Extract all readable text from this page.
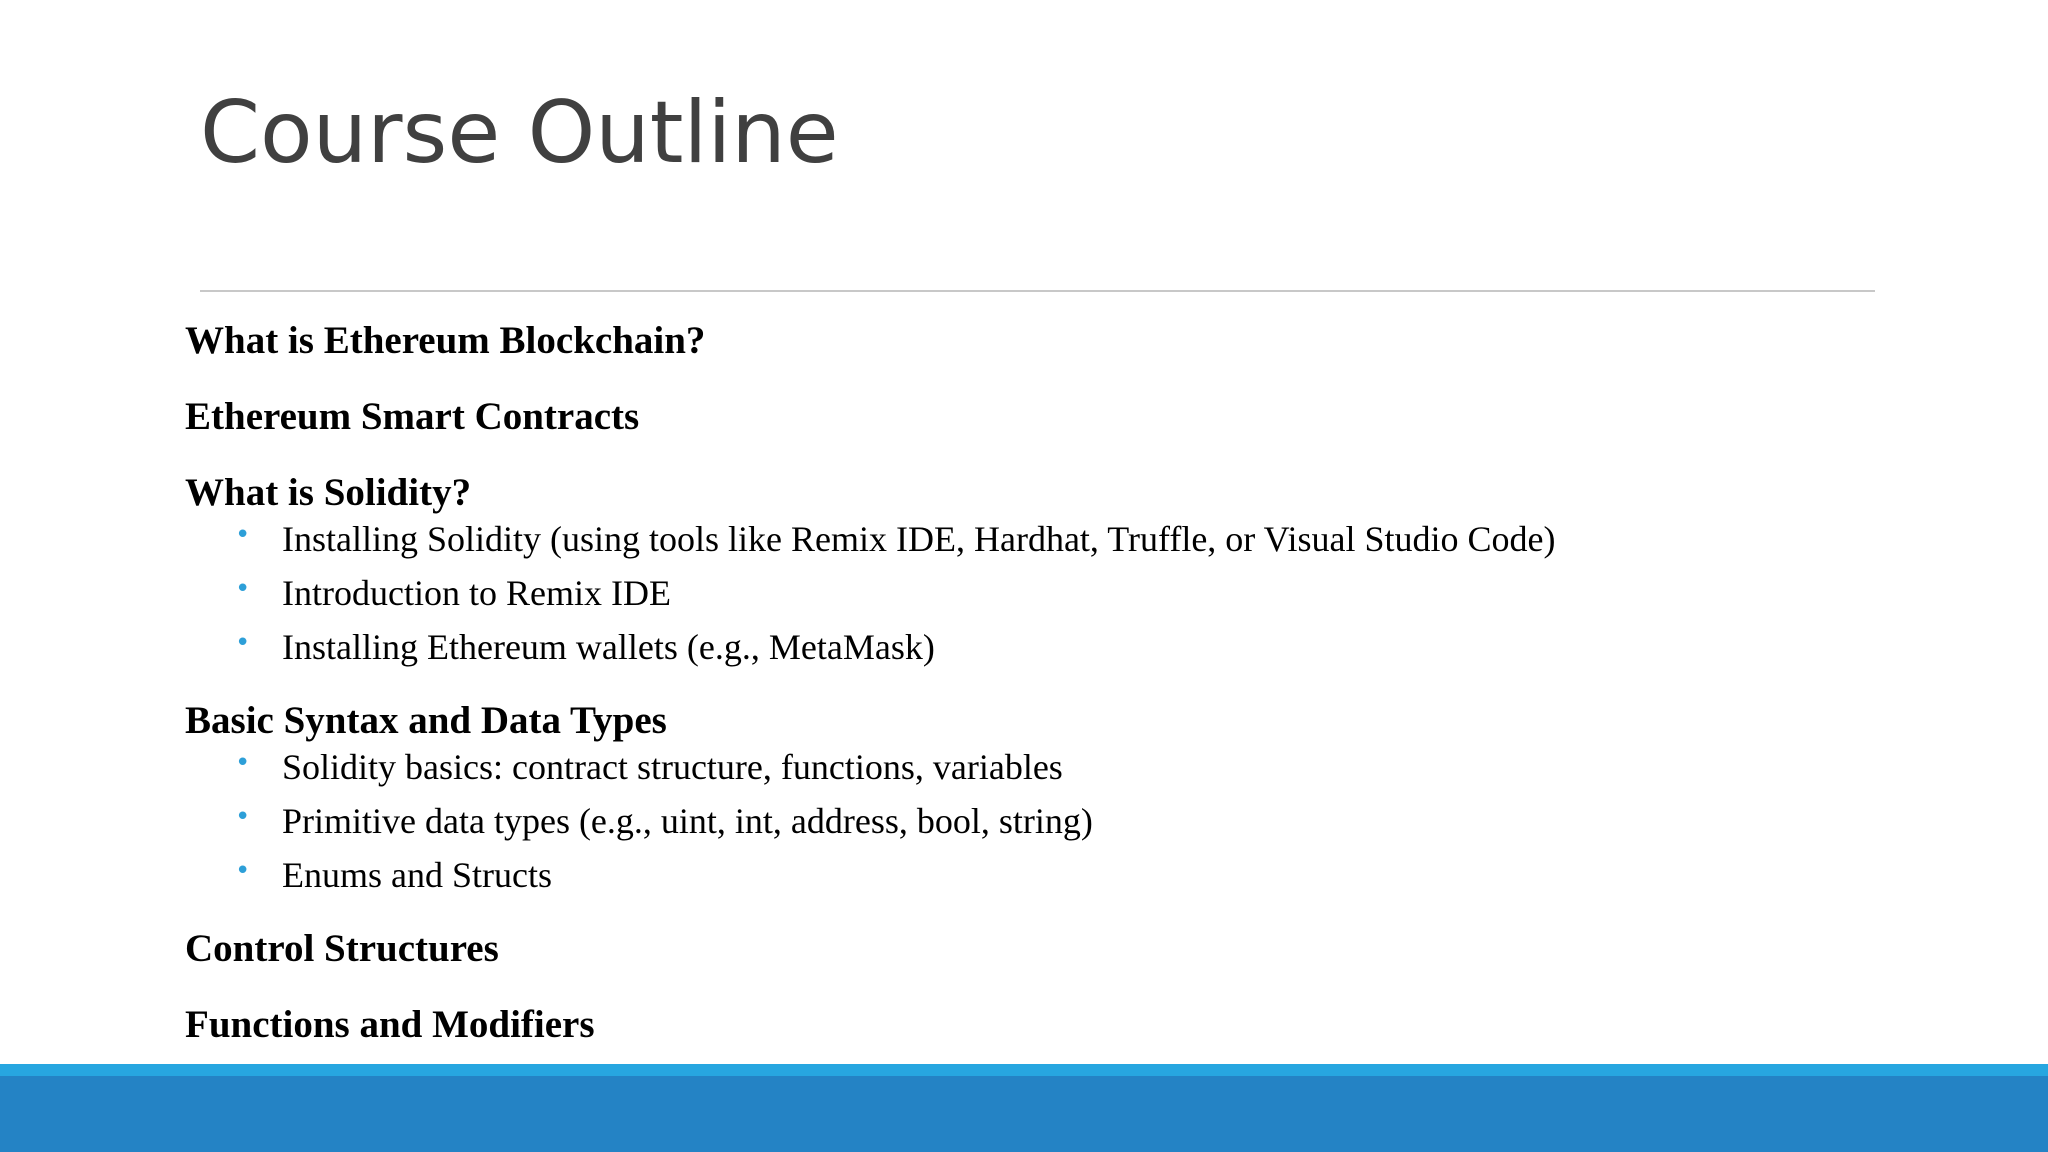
Course Outline
What is Ethereum Blockchain?
Ethereum Smart Contracts
What is Solidity?
• Installing Solidity (using tools like Remix IDE, Hardhat, Truffle, or Visual Studio Code)
• Introduction to Remix IDE
• Installing Ethereum wallets (e.g., MetaMask)
Basic Syntax and Data Types
• Solidity basics: contract structure, functions, variables
• Primitive data types (e.g., uint, int, address, bool, string)
• Enums and Structs
Control Structures
Functions and Modifiers
